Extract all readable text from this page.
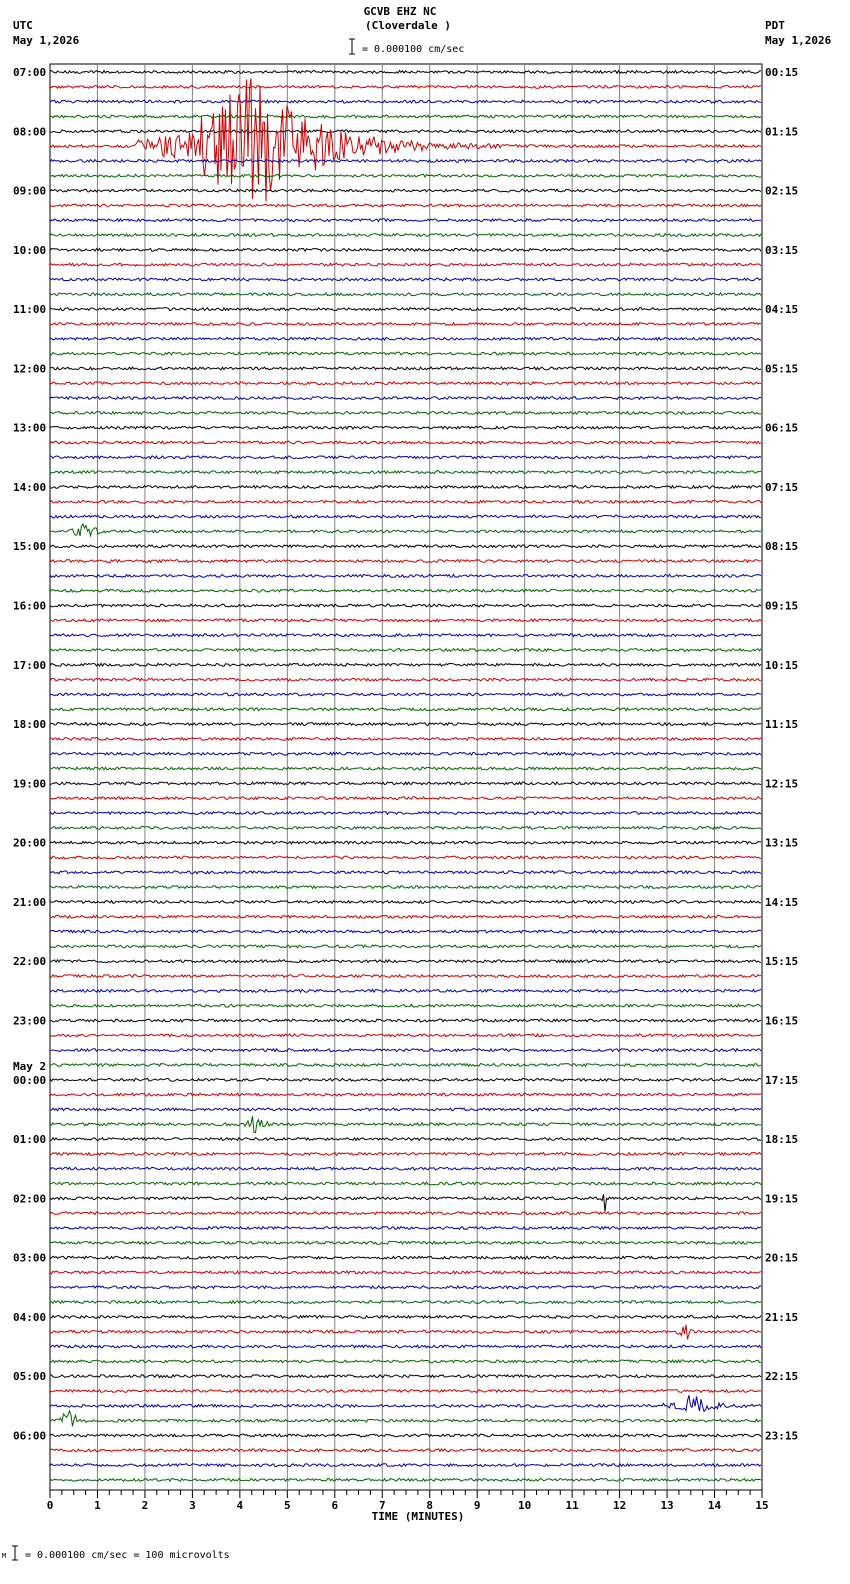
GCVB EHZ NC
(Cloverdale )
= 0.000100 cm/sec
UTC
May 1,2026
PDT
May 1,2026
= 0.000100 cm/sec = 100 microvolts
M
0	1	2	3	4	5	6	7	8	9	10	11	12	13	14	15
TIME (MINUTES)
07:00	00:15
08:00	01:15
09:00	02:15
10:00	03:15
11:00	04:15
12:00	05:15
13:00	06:15
14:00	07:15
15:00	08:15
16:00	09:15
17:00	10:15
18:00	11:15
19:00	12:15
20:00	13:15
21:00	14:15
22:00	15:15
23:00	16:15
00:00	17:15
01:00	18:15
02:00	19:15
03:00	20:15
04:00	21:15
05:00	22:15
06:00	23:15
May 2
